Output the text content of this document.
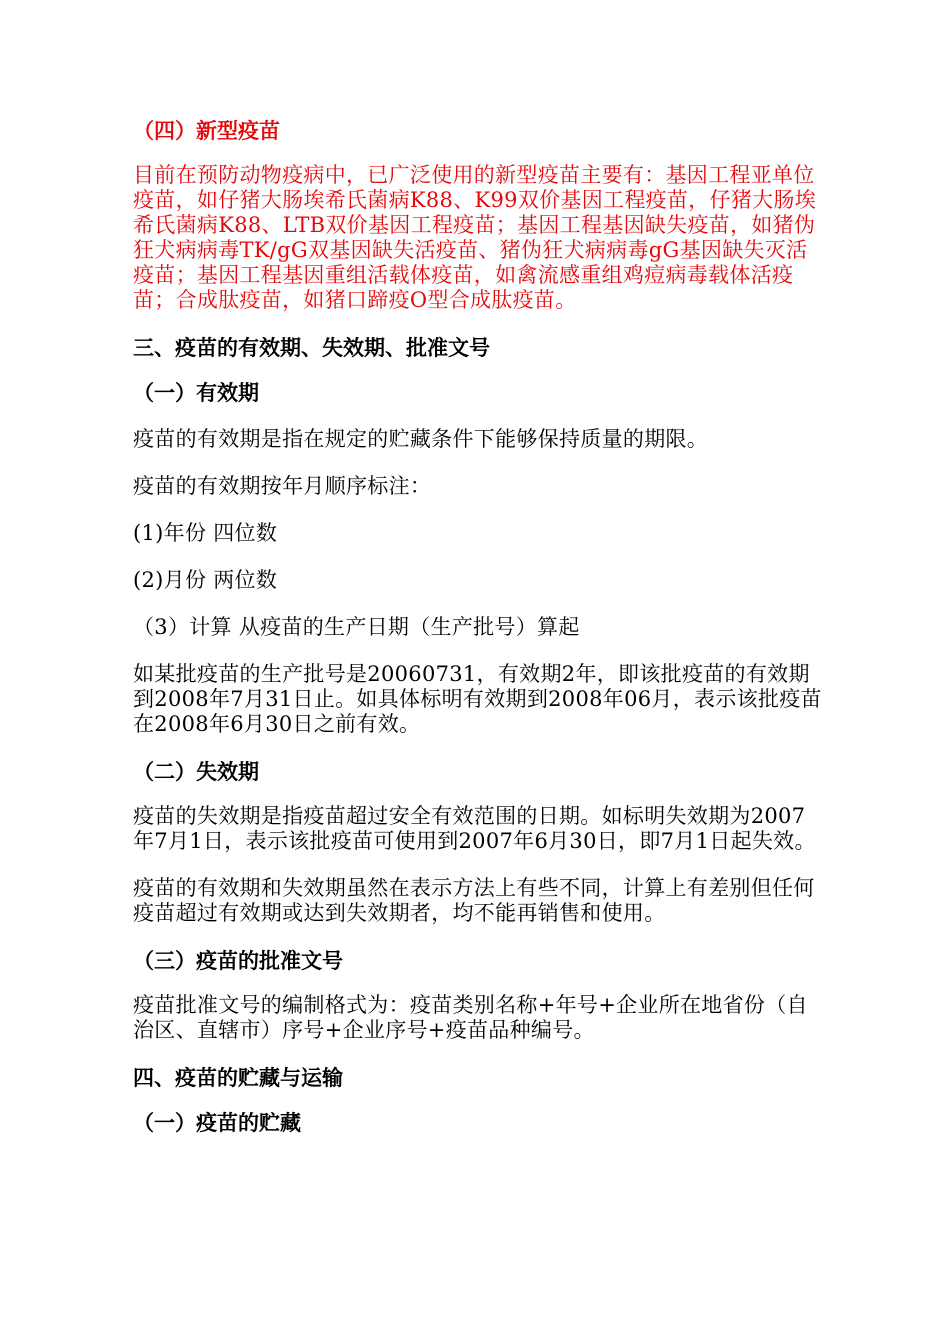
（四）新型疫苗
目前在预防动物疫病中，已广泛使用的新型疫苗主要有：基因工程亚单位疫苗，如仔猪大肠埃希氏菌病K88、K99双价基因工程疫苗，仔猪大肠埃希氏菌病K88、LTB双价基因工程疫苗；基因工程基因缺失疫苗，如猪伪狂犬病病毒TK/gG双基因缺失活疫苗、猪伪狂犬病病毒gG基因缺失灭活疫苗；基因工程基因重组活载体疫苗，如禽流感重组鸡痘病毒载体活疫苗；合成肽疫苗，如猪口蹄疫O型合成肽疫苗。
三、疫苗的有效期、失效期、批准文号
（一）有效期
疫苗的有效期是指在规定的贮藏条件下能够保持质量的期限。
疫苗的有效期按年月顺序标注：
(1)年份 四位数
(2)月份 两位数
（3）计算 从疫苗的生产日期（生产批号）算起
如某批疫苗的生产批号是20060731，有效期2年，即该批疫苗的有效期到2008年7月31日止。如具体标明有效期到2008年06月，表示该批疫苗在2008年6月30日之前有效。
（二）失效期
疫苗的失效期是指疫苗超过安全有效范围的日期。如标明失效期为2007年7月1日，表示该批疫苗可使用到2007年6月30日，即7月1日起失效。
疫苗的有效期和失效期虽然在表示方法上有些不同，计算上有差别但任何疫苗超过有效期或达到失效期者，均不能再销售和使用。
（三）疫苗的批准文号
疫苗批准文号的编制格式为：疫苗类别名称+年号+企业所在地省份（自治区、直辖市）序号+企业序号+疫苗品种编号。
四、疫苗的贮藏与运输
（一）疫苗的贮藏
